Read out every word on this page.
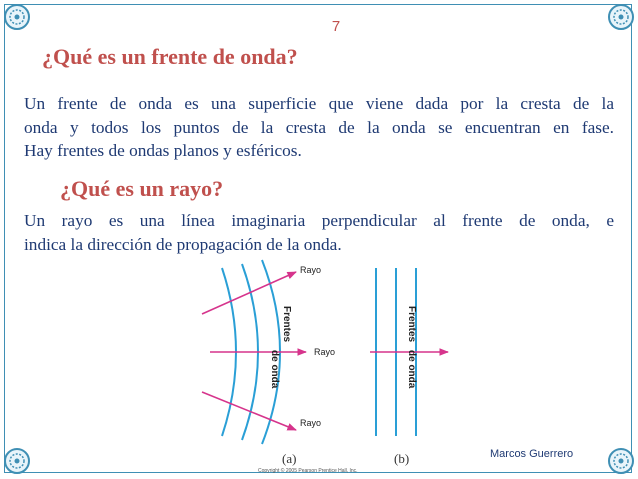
7
¿Qué es un frente de onda?
Un frente de onda es una superficie que viene dada por la cresta de la
onda y todos los puntos de la cresta de la onda se encuentran en fase.
Hay frentes de ondas planos y esféricos.
¿Qué es un rayo?
Un rayo es una línea imaginaria perpendicular al frente de onda, e
indica la dirección de propagación de la onda.
Rayo
Rayo
Rayo
Frentes
de onda
Frentes
de onda
(a)	(b)
Copyright © 2005 Pearson Prentice Hall, Inc.
Marcos Guerrero
